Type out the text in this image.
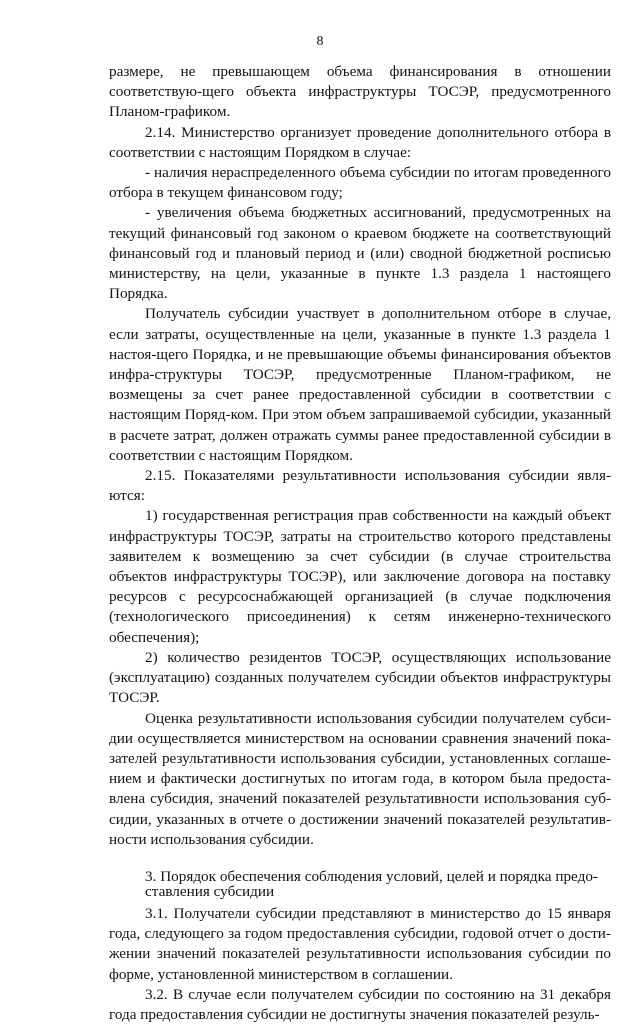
8

размере, не превышающем объема финансирования в отношении соответствую-щего объекта инфраструктуры ТОСЭР, предусмотренного Планом-графиком.

2.14. Министерство организует проведение дополнительного отбора в соответствии с настоящим Порядком в случае:

- наличия нераспределенного объема субсидии по итогам проведенного отбора в текущем финансовом году;

- увеличения объема бюджетных ассигнований, предусмотренных на текущий финансовый год законом о краевом бюджете на соответствующий финансовый год и плановый период и (или) сводной бюджетной росписью министерству, на цели, указанные в пункте 1.3 раздела 1 настоящего Порядка.

Получатель субсидии участвует в дополнительном отборе в случае, если затраты, осуществленные на цели, указанные в пункте 1.3 раздела 1 настоя-щего Порядка, и не превышающие объемы финансирования объектов инфра-структуры ТОСЭР, предусмотренные Планом-графиком, не возмещены за счет ранее предоставленной субсидии в соответствии с настоящим Поряд-ком. При этом объем запрашиваемой субсидии, указанный в расчете затрат, должен отражать суммы ранее предоставленной субсидии в соответствии с настоящим Порядком.

2.15. Показателями результативности использования субсидии явля-ются:

1) государственная регистрация прав собственности на каждый объект инфраструктуры ТОСЭР, затраты на строительство которого представлены заявителем к возмещению за счет субсидии (в случае строительства объектов инфраструктуры ТОСЭР), или заключение договора на поставку ресурсов с ресурсоснабжающей организацией (в случае подключения (технологического присоединения) к сетям инженерно-технического обеспечения);

2) количество резидентов ТОСЭР, осуществляющих использование (эксплуатацию) созданных получателем субсидии объектов инфраструктуры ТОСЭР.

Оценка результативности использования субсидии получателем субси-дии осуществляется министерством на основании сравнения значений пока-зателей результативности использования субсидии, установленных соглаше-нием и фактически достигнутых по итогам года, в котором была предоста-влена субсидия, значений показателей результативности использования суб-сидии, указанных в отчете о достижении значений показателей результатив-ности использования субсидии.

3. Порядок обеспечения соблюдения условий, целей и порядка предо-
ставления субсидии

3.1. Получатели субсидии представляют в министерство до 15 января года, следующего за годом предоставления субсидии, годовой отчет о дости-жении значений показателей результативности использования субсидии по форме, установленной министерством в соглашении.

3.2. В случае если получателем субсидии по состоянию на 31 декабря года предоставления субсидии не достигнуты значения показателей резуль-
